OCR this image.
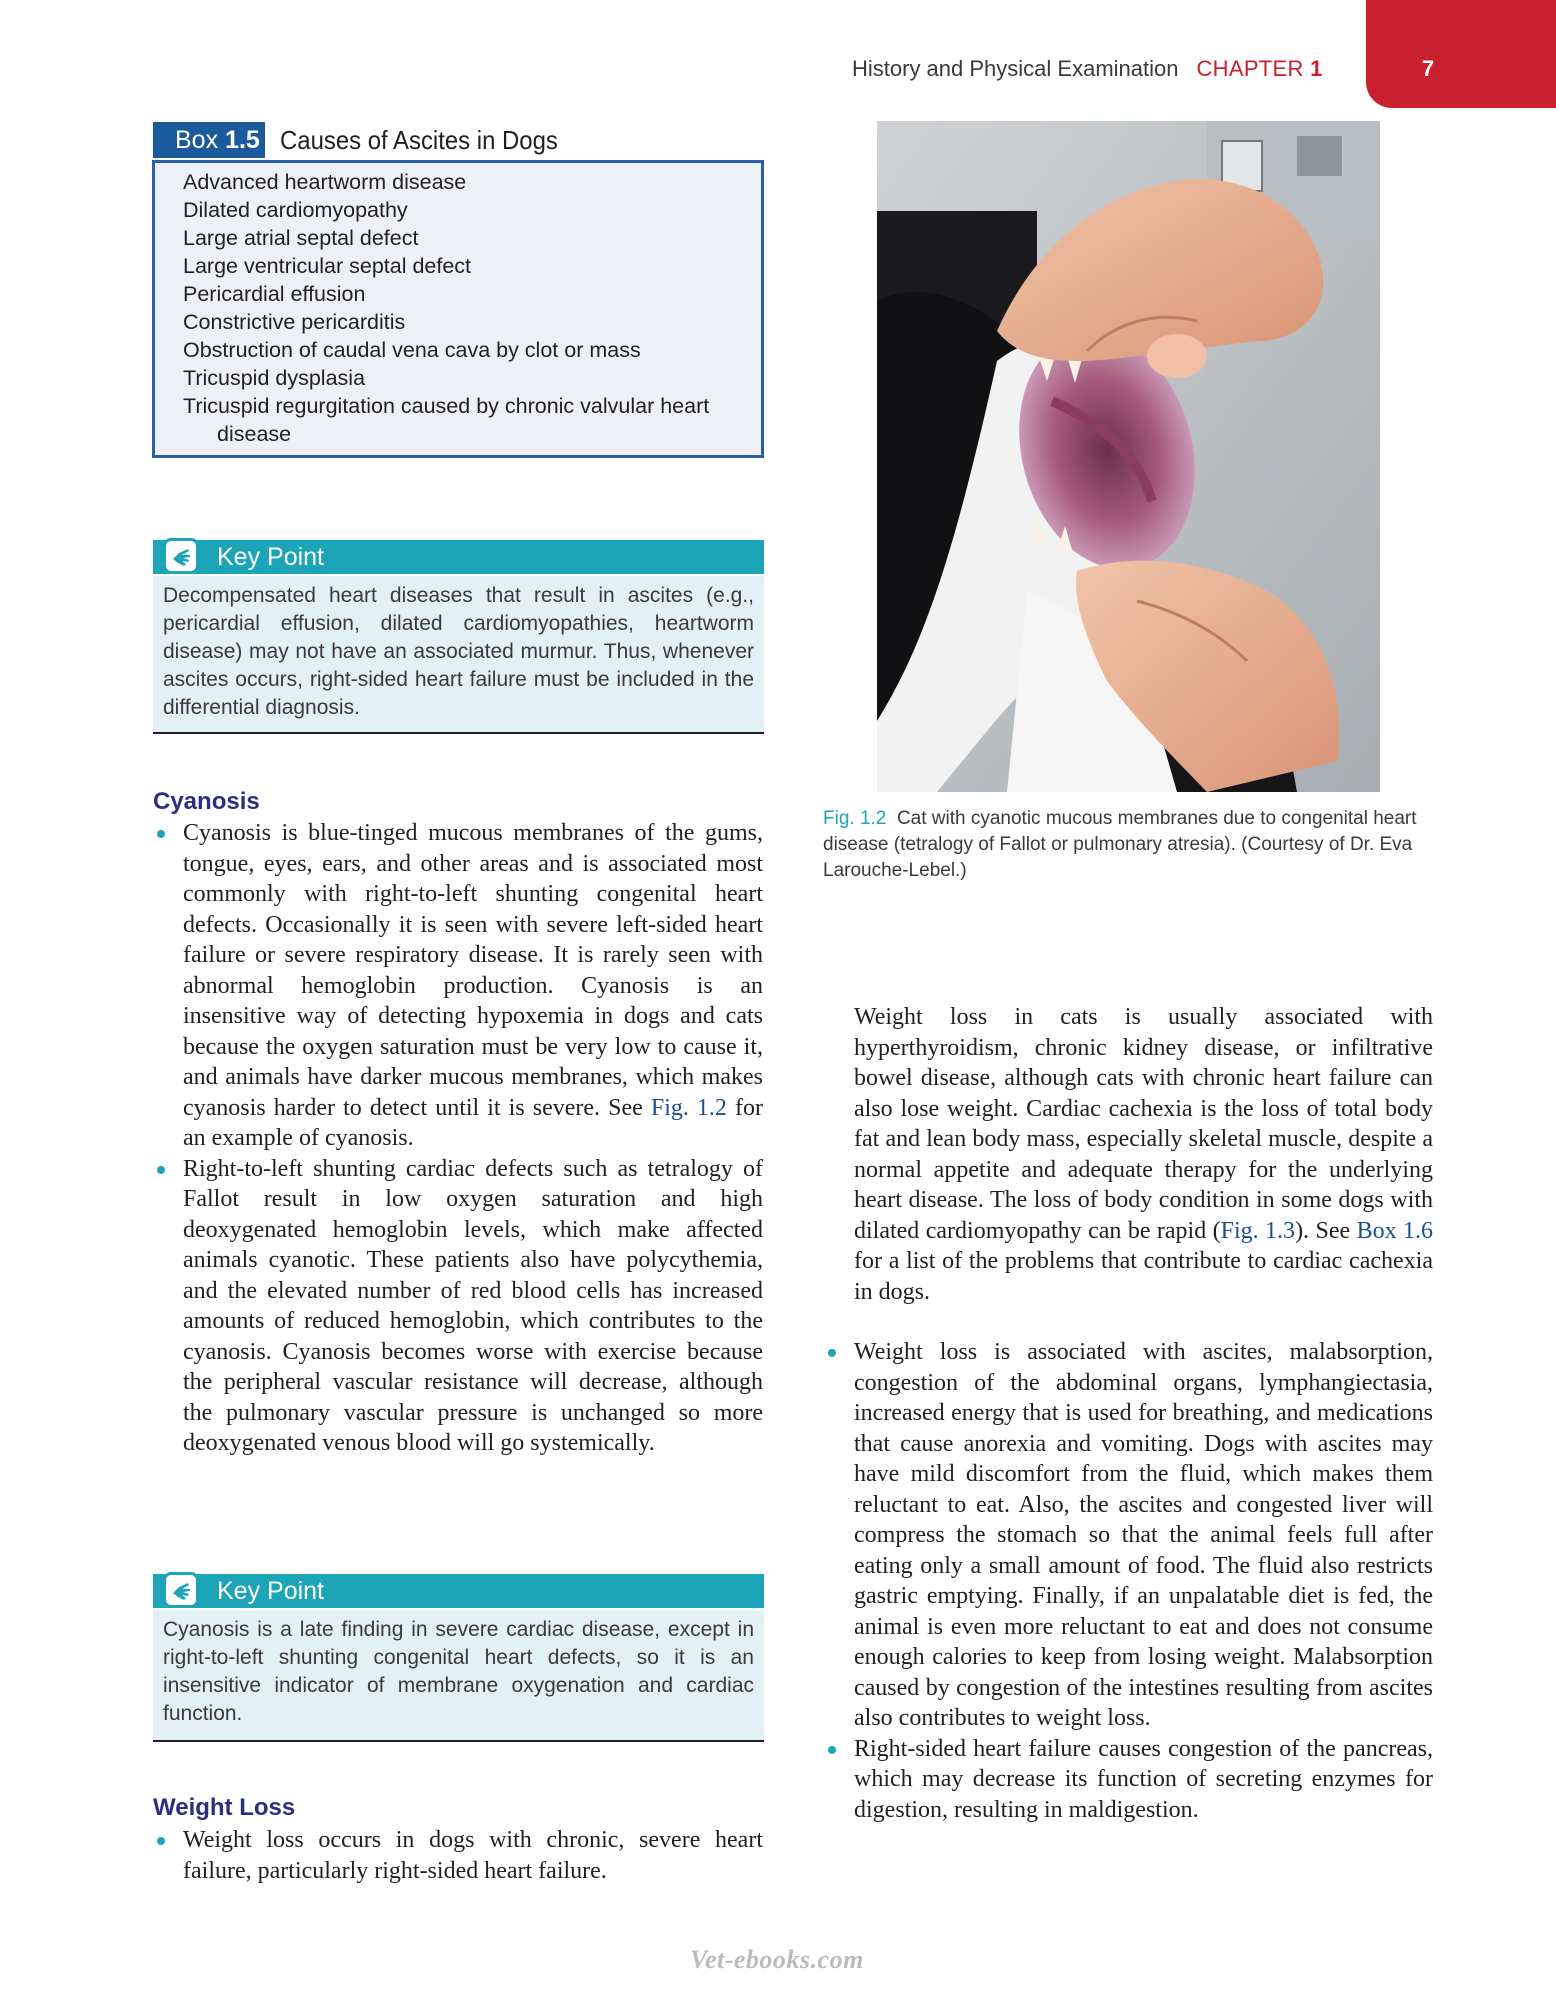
History and Physical Examination CHAPTER 1	7
Box 1.5 Causes of Ascites in Dogs
Advanced heartworm disease
Dilated cardiomyopathy
Large atrial septal defect
Large ventricular septal defect
Pericardial effusion
Constrictive pericarditis
Obstruction of caudal vena cava by clot or mass
Tricuspid dysplasia
Tricuspid regurgitation caused by chronic valvular heart disease
Key Point
Decompensated heart diseases that result in ascites (e.g., pericardial effusion, dilated cardiomyopathies, heartworm disease) may not have an associated murmur. Thus, whenever ascites occurs, right-sided heart failure must be included in the differential diagnosis.
Cyanosis
Cyanosis is blue-tinged mucous membranes of the gums, tongue, eyes, ears, and other areas and is associated most commonly with right-to-left shunting congenital heart defects. Occasionally it is seen with severe left-sided heart failure or severe respiratory disease. It is rarely seen with abnormal hemoglobin production. Cyanosis is an insensitive way of detecting hypoxemia in dogs and cats because the oxygen saturation must be very low to cause it, and animals have darker mucous membranes, which makes cyanosis harder to detect until it is severe. See Fig. 1.2 for an example of cyanosis.
Right-to-left shunting cardiac defects such as tetralogy of Fallot result in low oxygen saturation and high deoxygenated hemoglobin levels, which make affected animals cyanotic. These patients also have polycythemia, and the elevated number of red blood cells has increased amounts of reduced hemoglobin, which contributes to the cyanosis. Cyanosis becomes worse with exercise because the peripheral vascular resistance will decrease, although the pulmonary vascular pressure is unchanged so more deoxygenated venous blood will go systemically.
Key Point
Cyanosis is a late finding in severe cardiac disease, except in right-to-left shunting congenital heart defects, so it is an insensitive indicator of membrane oxygenation and cardiac function.
Weight Loss
Weight loss occurs in dogs with chronic, severe heart failure, particularly right-sided heart failure.
Fig. 1.2 Cat with cyanotic mucous membranes due to congenital heart disease (tetralogy of Fallot or pulmonary atresia). (Courtesy of Dr. Eva Larouche-Lebel.)

Weight loss in cats is usually associated with hyperthyroidism, chronic kidney disease, or infiltrative bowel disease, although cats with chronic heart failure can also lose weight. Cardiac cachexia is the loss of total body fat and lean body mass, especially skeletal muscle, despite a normal appetite and adequate therapy for the underlying heart disease. The loss of body condition in some dogs with dilated cardiomyopathy can be rapid (Fig. 1.3). See Box 1.6 for a list of the problems that contribute to cardiac cachexia in dogs.

Weight loss is associated with ascites, malabsorption, congestion of the abdominal organs, lymphangiectasia, increased energy that is used for breathing, and medications that cause anorexia and vomiting. Dogs with ascites may have mild discomfort from the fluid, which makes them reluctant to eat. Also, the ascites and congested liver will compress the stomach so that the animal feels full after eating only a small amount of food. The fluid also restricts gastric emptying. Finally, if an unpalatable diet is fed, the animal is even more reluctant to eat and does not consume enough calories to keep from losing weight. Malabsorption caused by congestion of the intestines resulting from ascites also contributes to weight loss.
Right-sided heart failure causes congestion of the pancreas, which may decrease its function of secreting enzymes for digestion, resulting in maldigestion.
Vet-ebooks.com
